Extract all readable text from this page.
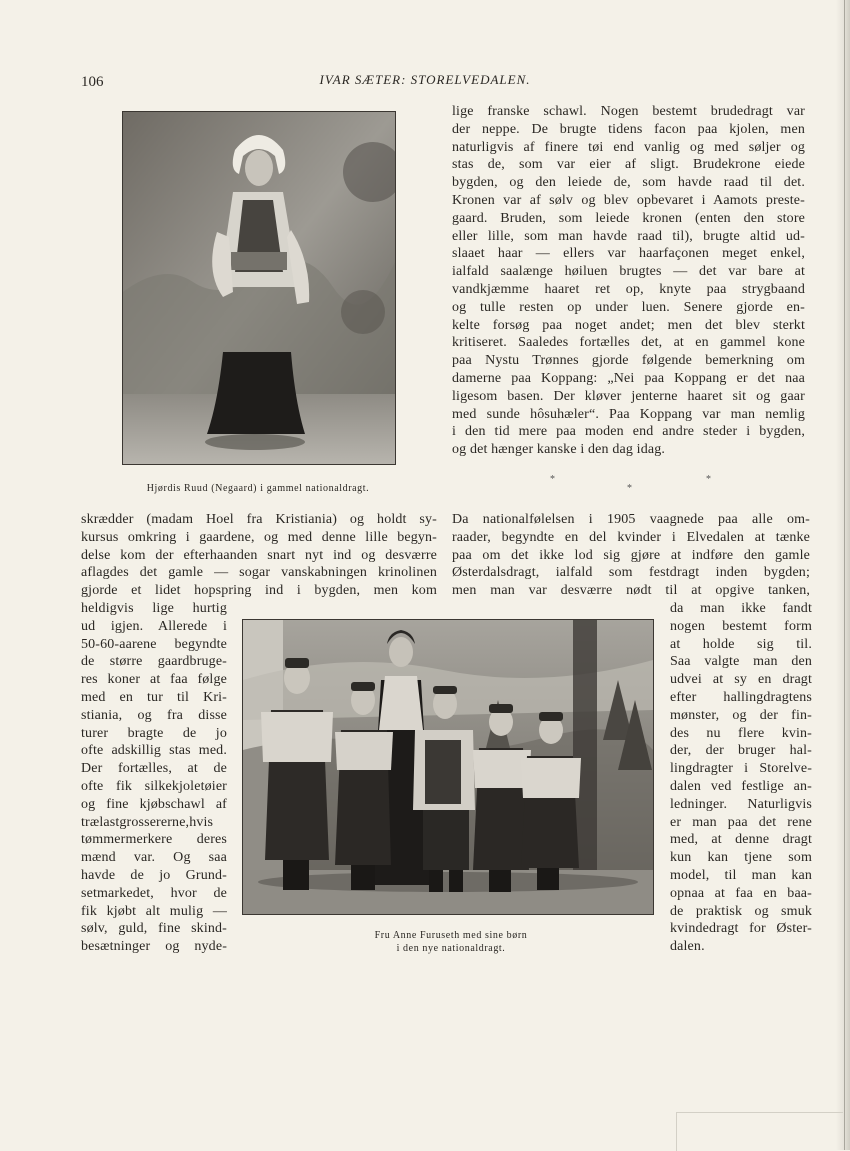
106	IVAR SÆTER: STORELVEDALEN.
Hjørdis Ruud (Negaard) i gammel nationaldragt.

lige franske schawl. Nogen bestemt brudedragt var
der neppe. De brugte tidens facon paa kjolen, men
naturligvis af finere tøi end vanlig og med søljer og
stas de, som var eier af sligt. Brudekrone eiede
bygden, og den leiede de, som havde raad til det.
Kronen var af sølv og blev opbevaret i Aamots preste-
gaard. Bruden, som leiede kronen (enten den store
eller lille, som man havde raad til), brugte altid ud-
slaaet haar — ellers var haarfaçonen meget enkel,
ialfald saalænge høiluen brugtes — det var bare at
vandkjæmme haaret ret op, knyte paa strygbaand
og tulle resten op under luen. Senere gjorde en-
kelte forsøg paa noget andet; men det blev sterkt
kritiseret. Saaledes fortælles det, at en gammel kone
paa Nystu Trønnes gjorde følgende bemerkning om
damerne paa Koppang: „Nei paa Koppang er det naa
ligesom basen. Der kløver jenterne haaret sit og gaar
med sunde hôsuhæler“. Paa Koppang var man nemlig
i den tid mere paa moden end andre steder i bygden,
og det hænger kanske i den dag idag.

*
*
*

skrædder (madam Hoel fra Kristiania) og holdt sy-
kursus omkring i gaardene, og med denne lille begyn-
delse kom der efterhaanden snart nyt ind og desværre
aflagdes det gamle — sogar vanskabningen krinolinen
gjorde et lidet hopspring ind i bygden, men kom

Da nationalfølelsen i 1905 vaagnede paa alle om-
raader, begyndte en del kvinder i Elvedalen at tænke
paa om det ikke lod sig gjøre at indføre den gamle
Østerdalsdragt, ialfald som festdragt inden bygden;
men man var desværre nødt til at opgive tanken,

heldigvis lige hurtig
ud igjen. Allerede i
50-60-aarene begyndte
de større gaardbruge-
res koner at faa følge
med en tur til Kri-
stiania, og fra disse
turer bragte de jo
ofte adskillig stas med.
Der fortælles, at de
ofte fik silkekjoletøier
og fine kjøbschawl af
trælastgrossererne,hvis
tømmermerkere deres
mænd var. Og saa
havde de jo Grund-
setmarkedet, hvor de
fik kjøbt alt mulig —
sølv, guld, fine skind-
besætninger og nyde-

Fru Anne Furuseth med sine børn
i den nye nationaldragt.

da man ikke fandt
nogen bestemt form
at holde sig til.
Saa valgte man den
udvei at sy en dragt
efter hallingdragtens
mønster, og der fin-
des nu flere kvin-
der, der bruger hal-
lingdragter i Storelve-
dalen ved festlige an-
ledninger. Naturligvis
er man paa det rene
med, at denne dragt
kun kan tjene som
model, til man kan
opnaa at faa en baa-
de praktisk og smuk
kvindedragt for Øster-
dalen.
